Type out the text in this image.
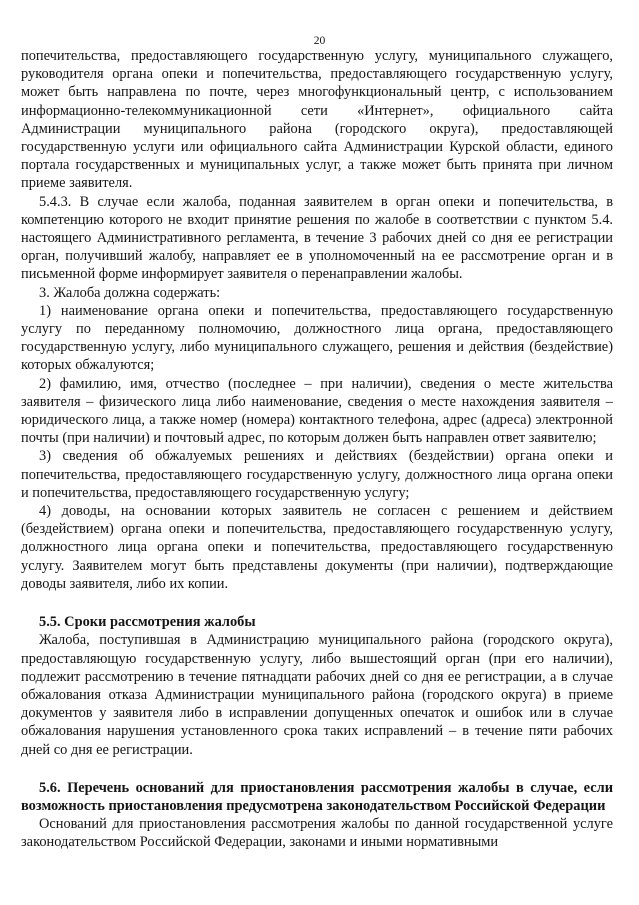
20

попечительства, предоставляющего государственную услугу, муниципального служащего, руководителя органа опеки и попечительства, предоставляющего государственную услугу, может быть направлена по почте, через многофункциональный центр, с использованием информационно-телекоммуникационной сети «Интернет», официального сайта Администрации муниципального района (городского округа), предоставляющей государственную услуги или официального сайта Администрации Курской области, единого портала государственных и муниципальных услуг, а также может быть принята при личном приеме заявителя.

5.4.3. В случае если жалоба, поданная заявителем в орган опеки и попечительства, в компетенцию которого не входит принятие решения по жалобе в соответствии с пунктом 5.4. настоящего Административного регламента, в течение 3 рабочих дней со дня ее регистрации орган, получивший жалобу, направляет ее в уполномоченный на ее рассмотрение орган и в письменной форме информирует заявителя о перенаправлении жалобы.

3. Жалоба должна содержать:

1) наименование органа опеки и попечительства, предоставляющего государственную услугу по переданному полномочию, должностного лица органа, предоставляющего государственную услугу, либо муниципального служащего, решения и действия (бездействие) которых обжалуются;

2) фамилию, имя, отчество (последнее – при наличии), сведения о месте жительства заявителя – физического лица либо наименование, сведения о месте нахождения заявителя – юридического лица, а также номер (номера) контактного телефона, адрес (адреса) электронной почты (при наличии) и почтовый адрес, по которым должен быть направлен ответ заявителю;

3) сведения об обжалуемых решениях и действиях (бездействии) органа опеки и попечительства, предоставляющего государственную услугу, должностного лица органа опеки и попечительства, предоставляющего государственную услугу;

4) доводы, на основании которых заявитель не согласен с решением и действием (бездействием) органа опеки и попечительства, предоставляющего государственную услугу, должностного лица органа опеки и попечительства, предоставляющего государственную услугу. Заявителем могут быть представлены документы (при наличии), подтверждающие доводы заявителя, либо их копии.

5.5. Сроки рассмотрения жалобы

Жалоба, поступившая в Администрацию муниципального района (городского округа), предоставляющую государственную услугу, либо вышестоящий орган (при его наличии), подлежит рассмотрению в течение пятнадцати рабочих дней со дня ее регистрации, а в случае обжалования отказа Администрации муниципального района (городского округа) в приеме документов у заявителя либо в исправлении допущенных опечаток и ошибок или в случае обжалования нарушения установленного срока таких исправлений – в течение пяти рабочих дней со дня ее регистрации.

5.6. Перечень оснований для приостановления рассмотрения жалобы в случае, если возможность приостановления предусмотрена законодательством Российской Федерации

Оснований для приостановления рассмотрения жалобы по данной государственной услуге законодательством Российской Федерации, законами и иными нормативными
